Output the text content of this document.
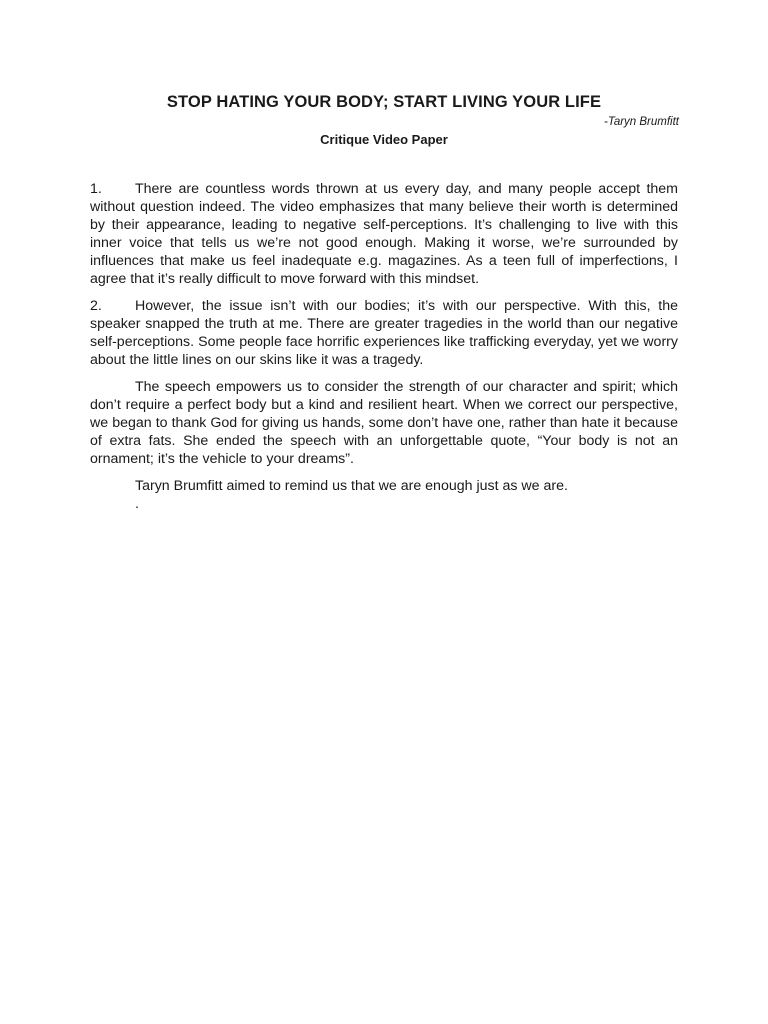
STOP HATING YOUR BODY; START LIVING YOUR LIFE

-Taryn Brumfitt

Critique Video Paper

1. There are countless words thrown at us every day, and many people accept them without question indeed. The video emphasizes that many believe their worth is determined by their appearance, leading to negative self-perceptions. It’s challenging to live with this inner voice that tells us we’re not good enough. Making it worse, we’re surrounded by influences that make us feel inadequate e.g. magazines. As a teen full of imperfections, I agree that it’s really difficult to move forward with this mindset.

2. However, the issue isn’t with our bodies; it’s with our perspective. With this, the speaker snapped the truth at me. There are greater tragedies in the world than our negative self-perceptions. Some people face horrific experiences like trafficking everyday, yet we worry about the little lines on our skins like it was a tragedy.

The speech empowers us to consider the strength of our character and spirit; which don’t require a perfect body but a kind and resilient heart. When we correct our perspective, we began to thank God for giving us hands, some don’t have one, rather than hate it because of extra fats. She ended the speech with an unforgettable quote, “Your body is not an ornament; it’s the vehicle to your dreams”.

Taryn Brumfitt aimed to remind us that we are enough just as we are.

.
